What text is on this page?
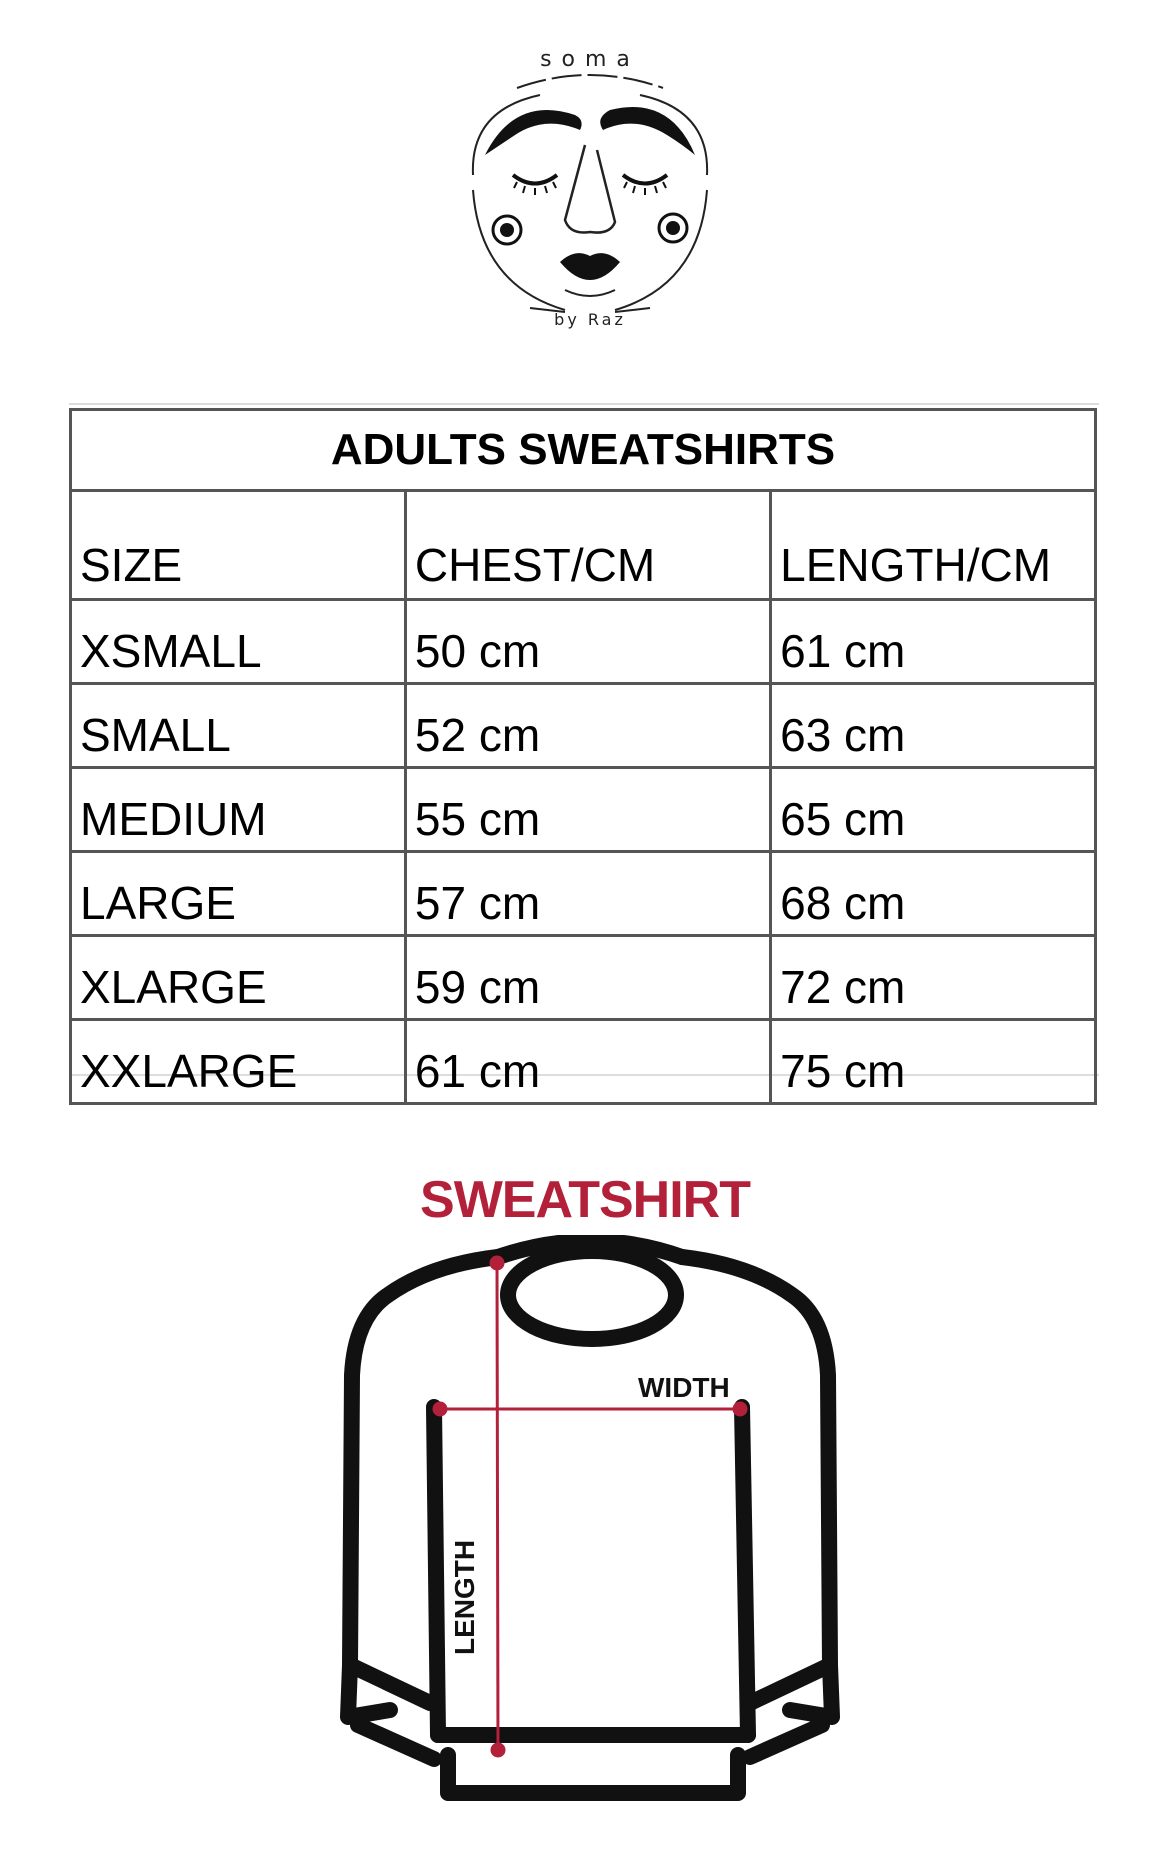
soma
by Raz
ADULTS SWEATSHIRTS		
SIZE	CHEST/CM	LENGTH/CM
XSMALL	50 cm	61 cm
SMALL	52 cm	63 cm
MEDIUM	55 cm	65 cm
LARGE	57 cm	68 cm
XLARGE	59 cm	72 cm
XXLARGE	61 cm	75 cm
SWEATSHIRT
WIDTH
LENGTH
